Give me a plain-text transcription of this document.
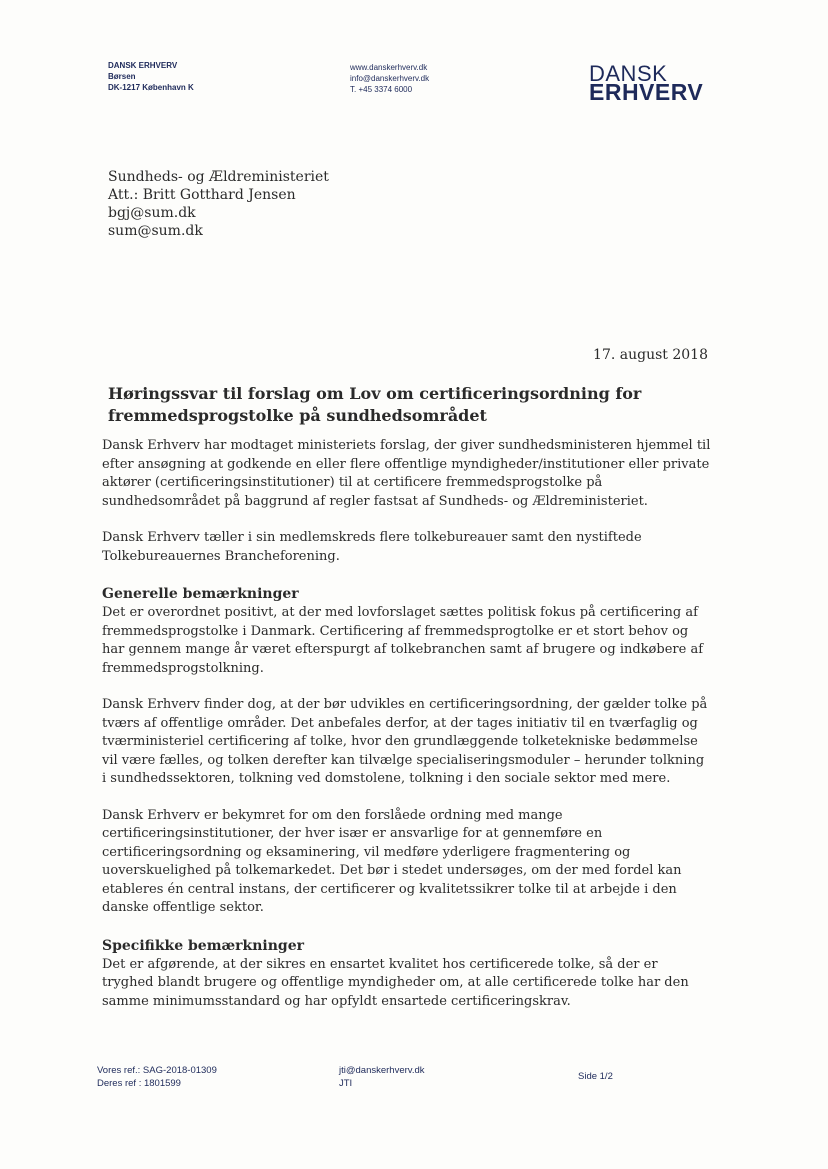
DANSK ERHVERV
Børsen
DK-1217 København K
www.danskerhverv.dk
info@danskerhverv.dk
T. +45 3374 6000
DANSK
ERHVERV
Sundheds- og Ældreministeriet
Att.: Britt Gotthard Jensen
bgj@sum.dk
sum@sum.dk
17. august 2018
Høringssvar til forslag om Lov om certificeringsordning for fremmedsprogstolke på sundhedsområdet

Dansk Erhverv har modtaget ministeriets forslag, der giver sundhedsministeren hjemmel til efter ansøgning at godkende en eller flere offentlige myndigheder/institutioner eller private aktører (certificeringsinstitutioner) til at certificere fremmedsprogstolke på sundhedsområdet på baggrund af regler fastsat af Sundheds- og Ældreministeriet.

Dansk Erhverv tæller i sin medlemskreds flere tolkebureauer samt den nystiftede Tolkebureauernes Brancheforening.

Generelle bemærkninger

Det er overordnet positivt, at der med lovforslaget sættes politisk fokus på certificering af fremmedsprogstolke i Danmark. Certificering af fremmedsprogtolke er et stort behov og har gennem mange år været efterspurgt af tolkebranchen samt af brugere og indkøbere af fremmedsprogstolkning.

Dansk Erhverv finder dog, at der bør udvikles en certificeringsordning, der gælder tolke på tværs af offentlige områder. Det anbefales derfor, at der tages initiativ til en tværfaglig og tværministeriel certificering af tolke, hvor den grundlæggende tolketekniske bedømmelse vil være fælles, og tolken derefter kan tilvælge specialiseringsmoduler – herunder tolkning i sundhedssektoren, tolkning ved domstolene, tolkning i den sociale sektor med mere.

Dansk Erhverv er bekymret for om den forslåede ordning med mange certificeringsinstitutioner, der hver især er ansvarlige for at gennemføre en certificeringsordning og eksaminering, vil medføre yderligere fragmentering og uoverskuelighed på tolkemarkedet. Det bør i stedet undersøges, om der med fordel kan etableres én central instans, der certificerer og kvalitetssikrer tolke til at arbejde i den danske offentlige sektor.

Specifikke bemærkninger

Det er afgørende, at der sikres en ensartet kvalitet hos certificerede tolke, så der er tryghed blandt brugere og offentlige myndigheder om, at alle certificerede tolke har den samme minimumsstandard og har opfyldt ensartede certificeringskrav.

Vores ref.: SAG-2018-01309
Deres ref : 1801599
jti@danskerhverv.dk
JTI
Side 1/2
